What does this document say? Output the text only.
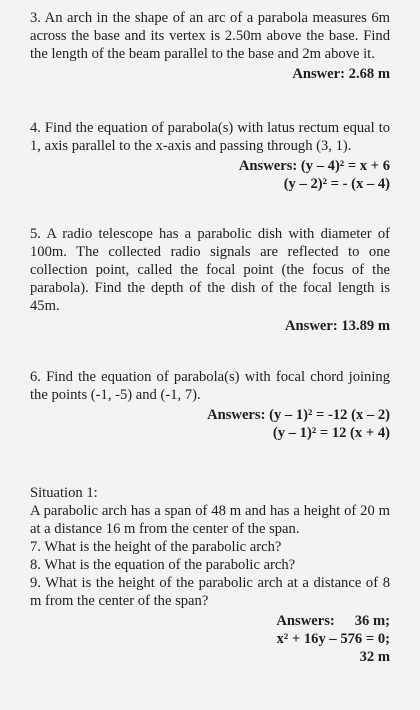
3. An arch in the shape of an arc of a parabola measures 6m across the base and its vertex is 2.50m above the base. Find the length of the beam parallel to the base and 2m above it.

Answer: 2.68 m

4. Find the equation of parabola(s) with latus rectum equal to 1, axis parallel to the x-axis and passing through (3, 1).

Answers: (y – 4)² = x + 6
(y – 2)² = - (x – 4)

5. A radio telescope has a parabolic dish with diameter of 100m. The collected radio signals are reflected to one collection point, called the focal point (the focus of the parabola). Find the depth of the dish of the focal length is 45m.

Answer: 13.89 m

6. Find the equation of parabola(s) with focal chord joining the points (-1, -5) and (-1, 7).

Answers: (y – 1)² = -12 (x – 2)
(y – 1)² = 12 (x + 4)

Situation 1:

A parabolic arch has a span of 48 m and has a height of 20 m at a distance 16 m from the center of the span.

7. What is the height of the parabolic arch?

8. What is the equation of the parabolic arch?

9. What is the height of the parabolic arch at a distance of 8 m from the center of the span?

Answers: 36 m;
x² + 16y – 576 = 0;
32 m
